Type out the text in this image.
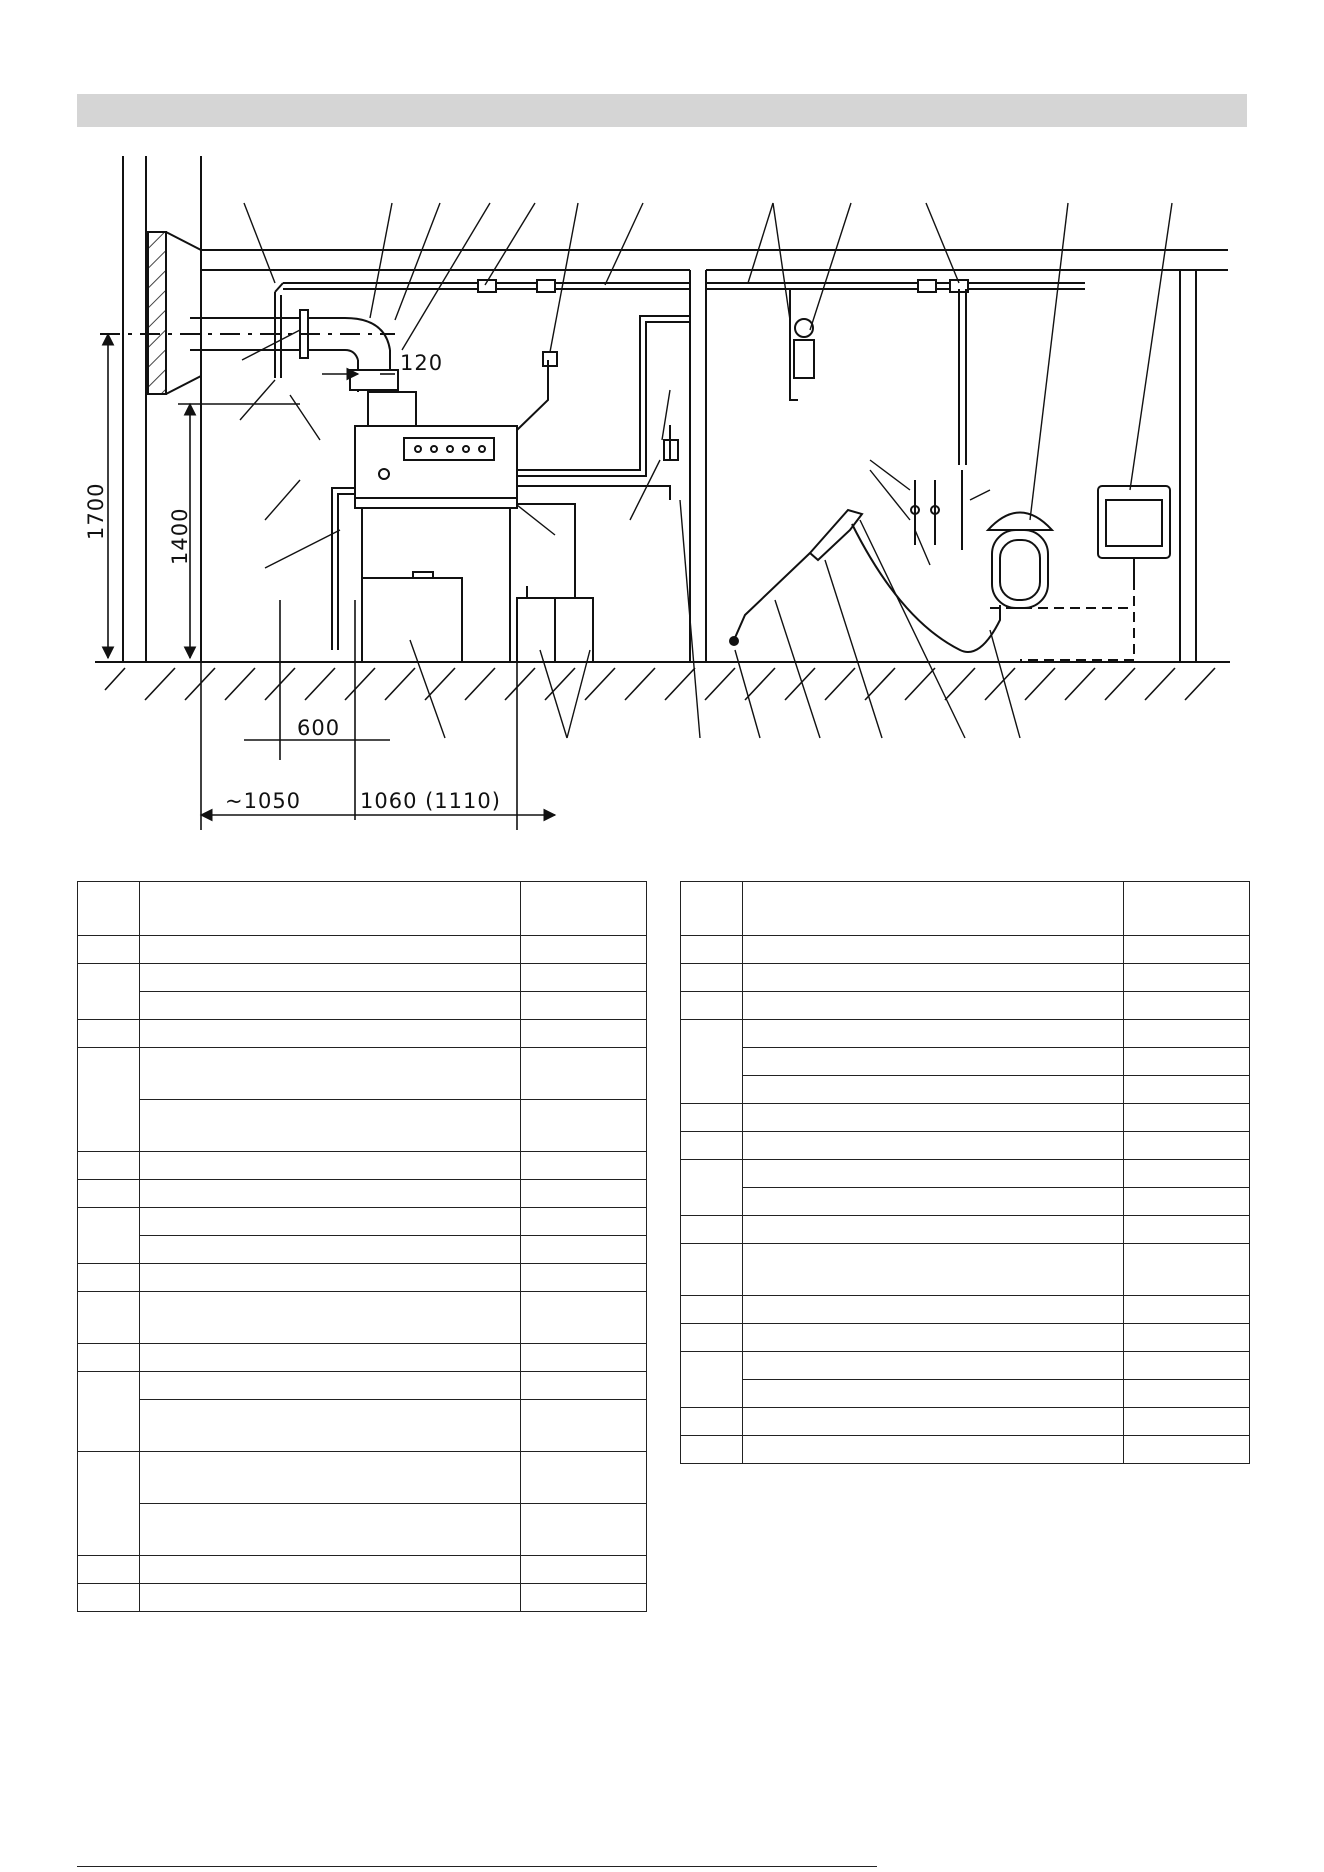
1700	1400
120
600
~1050	1060 (1110)
